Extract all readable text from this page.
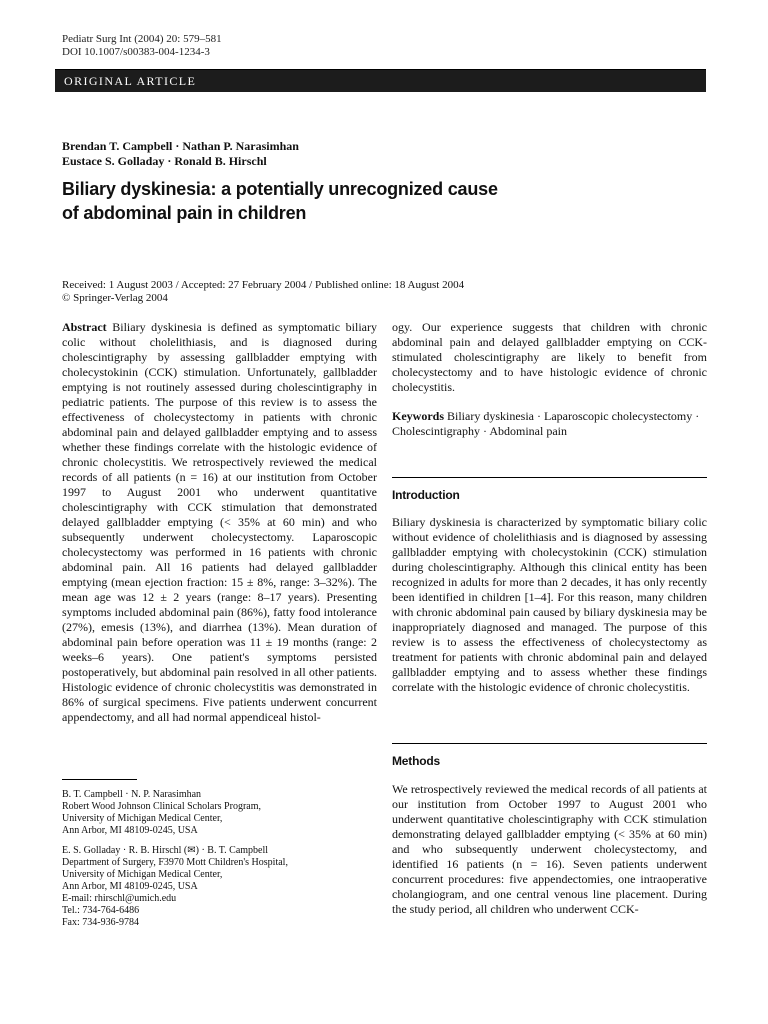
Pediatr Surg Int (2004) 20: 579–581
DOI 10.1007/s00383-004-1234-3
ORIGINAL ARTICLE
Brendan T. Campbell · Nathan P. Narasimhan
Eustace S. Golladay · Ronald B. Hirschl
Biliary dyskinesia: a potentially unrecognized cause
of abdominal pain in children
Received: 1 August 2003 / Accepted: 27 February 2004 / Published online: 18 August 2004
© Springer-Verlag 2004

Abstract Biliary dyskinesia is defined as symptomatic biliary colic without cholelithiasis, and is diagnosed during cholescintigraphy by assessing gallbladder emptying with cholecystokinin (CCK) stimulation. Unfortunately, gallbladder emptying is not routinely assessed during cholescintigraphy in pediatric patients. The purpose of this review is to assess the effectiveness of cholecystectomy in patients with chronic abdominal pain and delayed gallbladder emptying and to assess whether these findings correlate with the histologic evidence of chronic cholecystitis. We retrospectively reviewed the medical records of all patients (n = 16) at our institution from October 1997 to August 2001 who underwent quantitative cholescintigraphy with CCK stimulation that demonstrated delayed gallbladder emptying (< 35% at 60 min) and who subsequently underwent cholecystectomy. Laparoscopic cholecystectomy was performed in 16 patients with chronic abdominal pain. All 16 patients had delayed gallbladder emptying (mean ejection fraction: 15 ± 8%, range: 3–32%). The mean age was 12 ± 2 years (range: 8–17 years). Presenting symptoms included abdominal pain (86%), fatty food intolerance (27%), emesis (13%), and diarrhea (13%). Mean duration of abdominal pain before operation was 11 ± 19 months (range: 2 weeks–6 years). One patient's symptoms persisted postoperatively, but abdominal pain resolved in all other patients. Histologic evidence of chronic cholecystitis was demonstrated in 86% of surgical specimens. Five patients underwent concurrent appendectomy, and all had normal appendiceal histol-

ogy. Our experience suggests that children with chronic abdominal pain and delayed gallbladder emptying on CCK-stimulated cholescintigraphy are likely to benefit from cholecystectomy and to have histologic evidence of chronic cholecystitis.

Keywords Biliary dyskinesia · Laparoscopic cholecystectomy · Cholescintigraphy · Abdominal pain

Introduction

Biliary dyskinesia is characterized by symptomatic biliary colic without evidence of cholelithiasis and is diagnosed by assessing gallbladder emptying with cholecystokinin (CCK) stimulation during cholescintigraphy. Although this clinical entity has been recognized in adults for more than 2 decades, it has only recently been identified in children [1–4]. For this reason, many children with chronic abdominal pain caused by biliary dyskinesia may be inappropriately diagnosed and managed. The purpose of this review is to assess the effectiveness of cholecystectomy as treatment for patients with chronic abdominal pain and delayed gallbladder emptying and to assess whether these findings correlate with the histologic evidence of chronic cholecystitis.

Methods

We retrospectively reviewed the medical records of all patients at our institution from October 1997 to August 2001 who underwent quantitative cholescintigraphy with CCK stimulation demonstrating delayed gallbladder emptying (< 35% at 60 min) and who subsequently underwent cholecystectomy, and identified 16 patients (n = 16). Seven patients underwent concurrent procedures: five appendectomies, one intraoperative cholangiogram, and one central venous line placement. During the study period, all children who underwent CCK-

B. T. Campbell · N. P. Narasimhan
Robert Wood Johnson Clinical Scholars Program,
University of Michigan Medical Center,
Ann Arbor, MI 48109-0245, USA
E. S. Golladay · R. B. Hirschl (✉) · B. T. Campbell
Department of Surgery, F3970 Mott Children's Hospital,
University of Michigan Medical Center,
Ann Arbor, MI 48109-0245, USA
E-mail: rhirschl@umich.edu
Tel.: 734-764-6486
Fax: 734-936-9784
